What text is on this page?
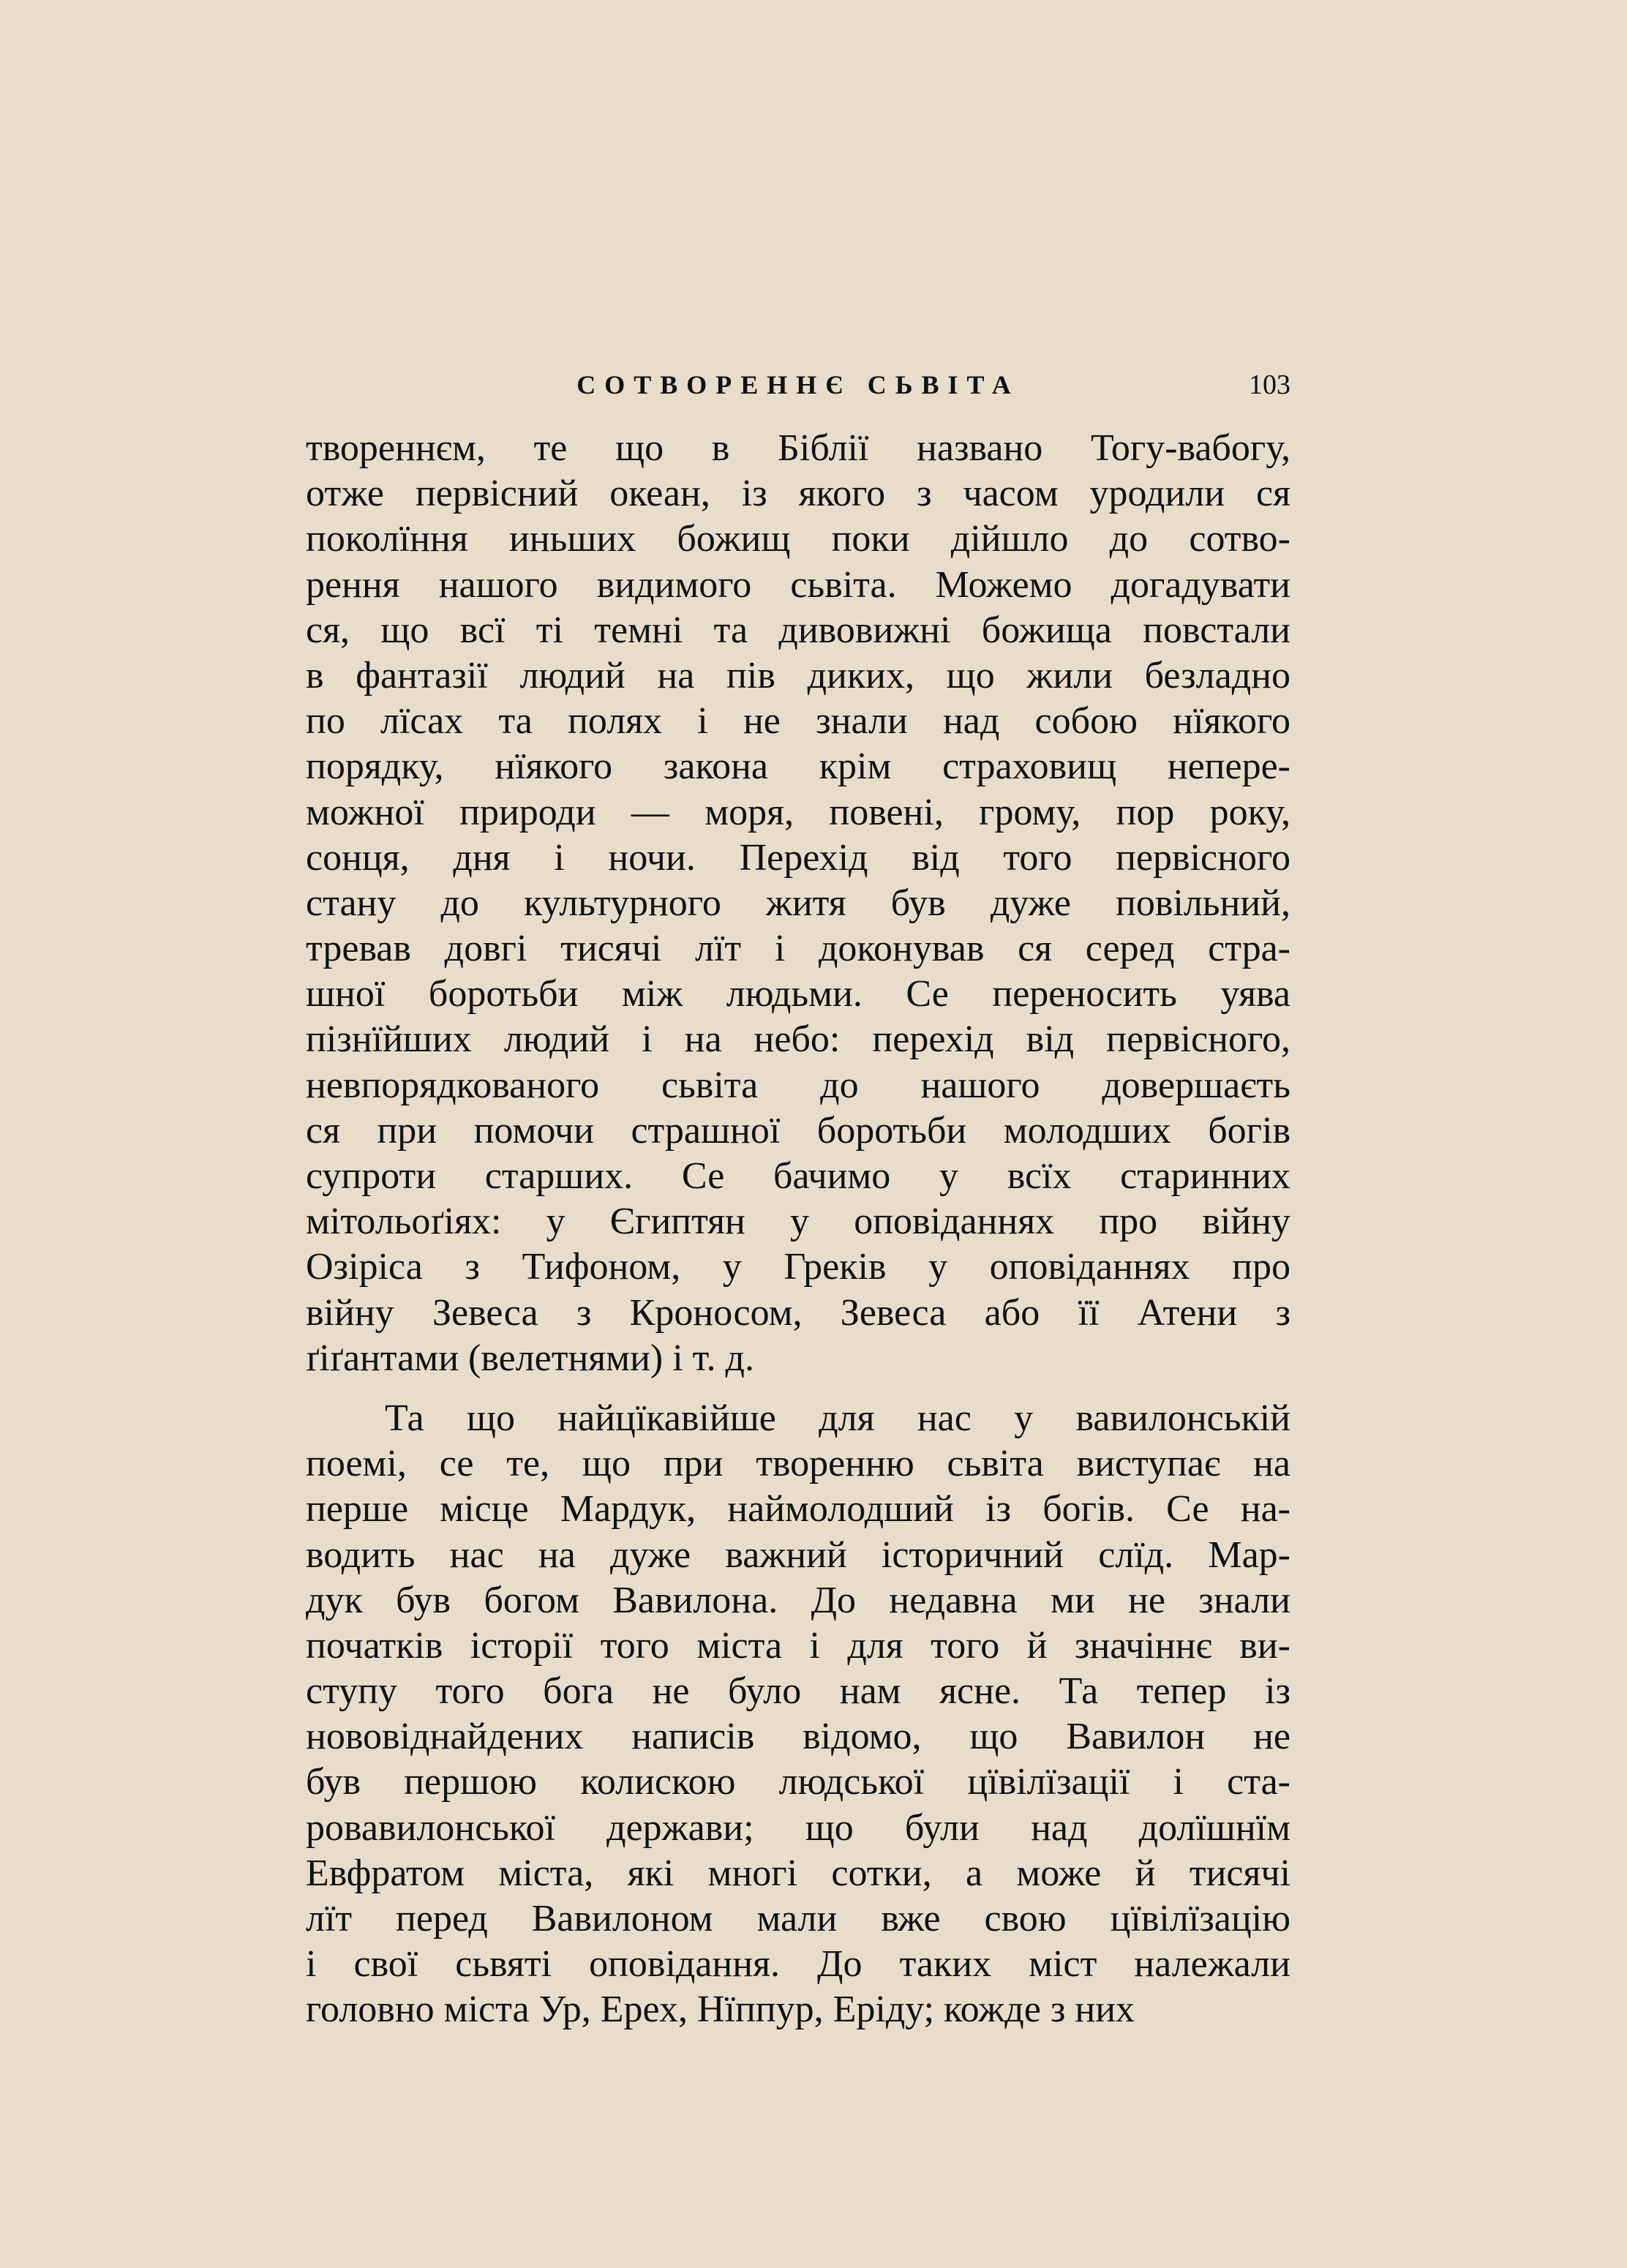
СОТВОРЕННЄ СЬВІТА	103
твореннєм, те що в Біблії названо Тогу-вабогу,
отже первісний океан, із якого з часом уродили ся
поколїння иньших божищ поки дійшло до сотво-
рення нашого видимого сьвіта. Можемо догадувати
ся, що всї ті темні та дивовижні божища повстали
в фантазії людий на пів диких, що жили безладно
по лїсах та полях і не знали над собою нїякого
порядку, нїякого закона крім страховищ непере-
можної природи — моря, повені, грому, пор року,
сонця, дня і ночи. Перехід від того первісного
стану до культурного житя був дуже повільний,
тревав довгі тисячі лїт і доконував ся серед стра-
шної боротьби між людьми. Се переносить уява
пізнїйших людий і на небо: перехід від первісного,
невпорядкованого сьвіта до нашого довершаєть
ся при помочи страшної боротьби молодших богів
супроти старших. Се бачимо у всїх старинних
мітольоґіях: у Єгиптян у оповіданнях про війну
Озіріса з Тифоном, у Греків у оповіданнях про
війну Зевеса з Кроносом, Зевеса або її Атени з
ґіґантами (велетнями) і т. д.
Та що найцїкавійше для нас у вавилонській
поемі, се те, що при творенню сьвіта виступає на
перше місце Мардук, наймолодший із богів. Се на-
водить нас на дуже важний історичний слїд. Мар-
дук був богом Вавилона. До недавна ми не знали
початків історії того міста і для того й значіннє ви-
ступу того бога не було нам ясне. Та тепер із
нововіднайдених написів відомо, що Вавилон не
був першою колискою людської цївілїзації і ста-
ровавилонської держави; що були над долїшнїм
Евфратом міста, які многі сотки, а може й тисячі
лїт перед Вавилоном мали вже свою цївілїзацію
і свої сьвяті оповідання. До таких міст належали
головно міста Ур, Ерех, Нїппур, Еріду; кожде з них
